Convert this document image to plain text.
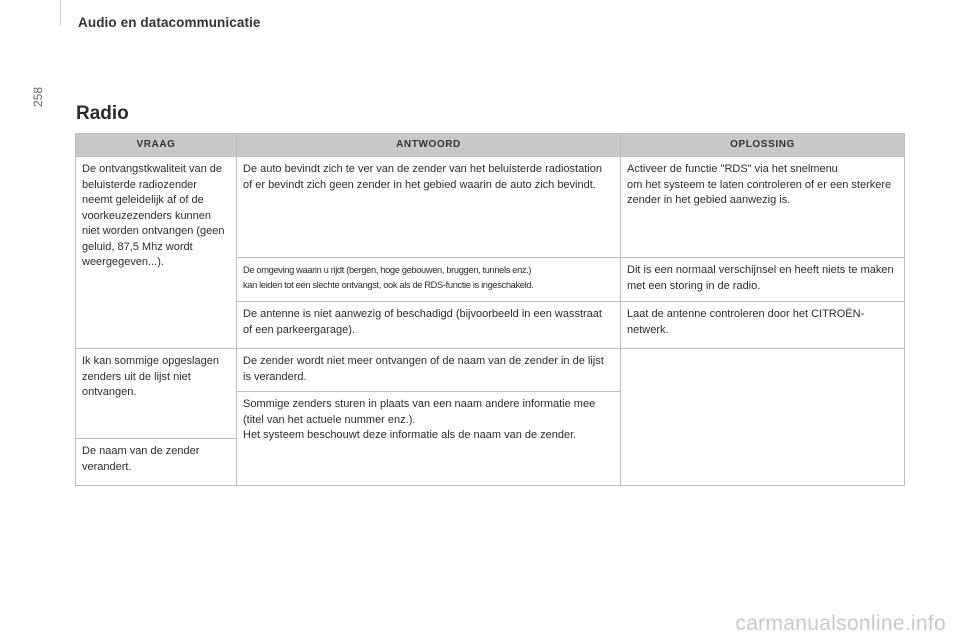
258
Audio en datacommunicatie
Radio
VRAAG	ANTWOORD	OPLOSSING
De ontvangstkwaliteit van de beluisterde radiozender neemt geleidelijk af of de voorkeuzezenders kunnen niet worden ontvangen (geen geluid, 87,5 Mhz wordt weergegeven...).	De auto bevindt zich te ver van de zender van het beluisterde radiostation of er bevindt zich geen zender in het gebied waarin de auto zich bevindt.	Activeer de functie "RDS" via het snelmenu
om het systeem te laten controleren of er een sterkere zender in het gebied aanwezig is.
	De omgeving waarin u rijdt (bergen, hoge gebouwen, bruggen, tunnels enz.)
kan leiden tot een slechte ontvangst, ook als de RDS-functie is ingeschakeld.	Dit is een normaal verschijnsel en heeft niets te maken met een storing in de radio.
	De antenne is niet aanwezig of beschadigd (bijvoorbeeld in een wasstraat of een parkeergarage).	Laat de antenne controleren door het CITROËN-netwerk.
Ik kan sommige opgeslagen zenders uit de lijst niet ontvangen.	De zender wordt niet meer ontvangen of de naam van de zender in de lijst is veranderd.	
	Sommige zenders sturen in plaats van een naam andere informatie mee (titel van het actuele nummer enz.).
Het systeem beschouwt deze informatie als de naam van de zender.	
De naam van de zender verandert.		
carmanualsonline.info
